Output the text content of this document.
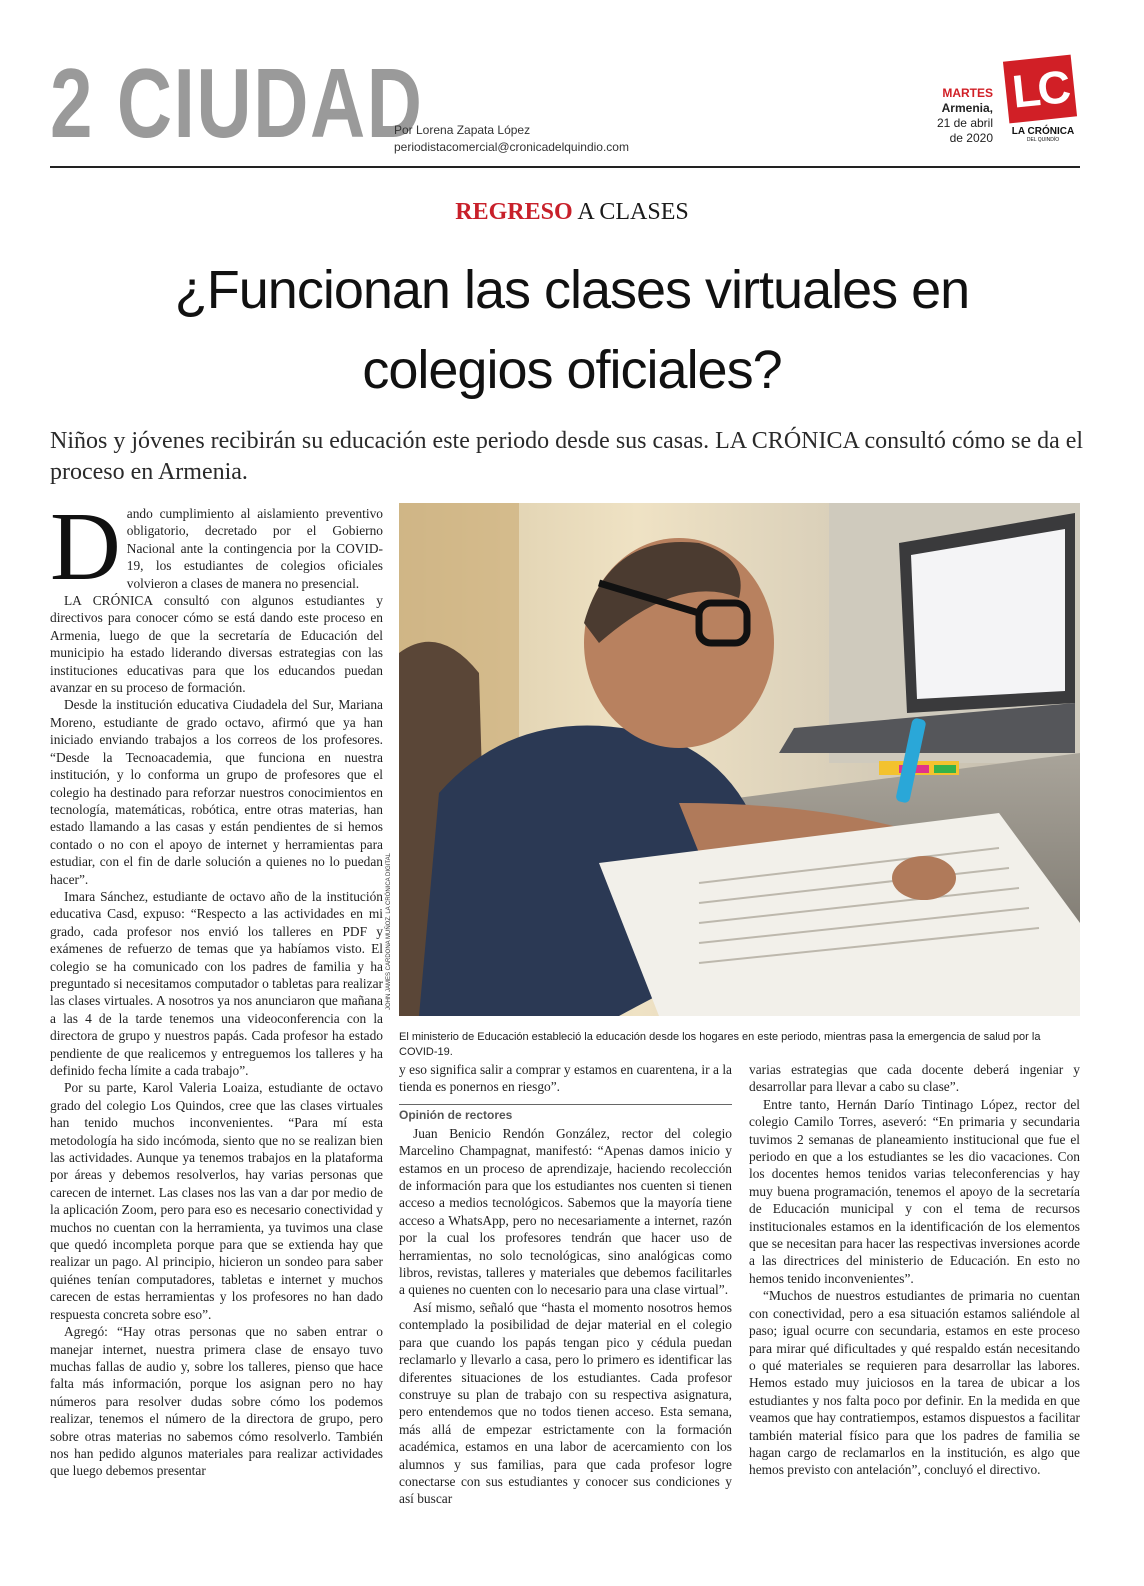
2 CIUDAD
Por Lorena Zapata López
periodistacomercial@cronicadelquindio.com
MARTES
Armenia,
21 de abril
de 2020
LC
LA CRÓNICA
DEL QUINDÍO
REGRESO A CLASES
¿Funcionan las clases virtuales en
colegios oficiales?
Niños y jóvenes recibirán su educación este periodo desde sus casas. LA CRÓNICA consultó cómo se da el proceso en Armenia.

Dando cumplimiento al aislamiento preventivo obligatorio, decretado por el Gobierno Nacional ante la contingencia por la COVID-19, los estudiantes de colegios oficiales volvieron a clases de manera no presencial.

LA CRÓNICA consultó con algunos estudiantes y directivos para conocer cómo se está dando este proceso en Armenia, luego de que la secretaría de Educación del municipio ha estado liderando diversas estrategias con las instituciones educativas para que los educandos puedan avanzar en su proceso de formación.

Desde la institución educativa Ciudadela del Sur, Mariana Moreno, estudiante de grado octavo, afirmó que ya han iniciado enviando trabajos a los correos de los profesores. “Desde la Tecnoacademia, que funciona en nuestra institución, y lo conforma un grupo de profesores que el colegio ha destinado para reforzar nuestros conocimientos en tecnología, matemáticas, robótica, entre otras materias, han estado llamando a las casas y están pendientes de si hemos contado o no con el apoyo de internet y herramientas para estudiar, con el fin de darle solución a quienes no lo puedan hacer”.

Imara Sánchez, estudiante de octavo año de la institución educativa Casd, expuso: “Respecto a las actividades en mi grado, cada profesor nos envió los talleres en PDF y exámenes de refuerzo de temas que ya habíamos visto. El colegio se ha comunicado con los padres de familia y ha preguntado si necesitamos computador o tabletas para realizar las clases virtuales. A nosotros ya nos anunciaron que mañana a las 4 de la tarde tenemos una videoconferencia con la directora de grupo y nuestros papás. Cada profesor ha estado pendiente de que realicemos y entreguemos los talleres y ha definido fecha límite a cada trabajo”.

Por su parte, Karol Valeria Loaiza, estudiante de octavo grado del colegio Los Quindos, cree que las clases virtuales han tenido muchos inconvenientes. “Para mí esta metodología ha sido incómoda, siento que no se realizan bien las actividades. Aunque ya tenemos trabajos en la plataforma por áreas y debemos resolverlos, hay varias personas que carecen de internet. Las clases nos las van a dar por medio de la aplicación Zoom, pero para eso es necesario conectividad y muchos no cuentan con la herramienta, ya tuvimos una clase que quedó incompleta porque para que se extienda hay que realizar un pago. Al principio, hicieron un sondeo para saber quiénes tenían computadores, tabletas e internet y muchos carecen de estas herramientas y los profesores no han dado respuesta concreta sobre eso”.

Agregó: “Hay otras personas que no saben entrar o manejar internet, nuestra primera clase de ensayo tuvo muchas fallas de audio y, sobre los talleres, pienso que hace falta más información, porque los asignan pero no hay números para resolver dudas sobre cómo los podemos realizar, tenemos el número de la directora de grupo, pero sobre otras materias no sabemos cómo resolverlo. También nos han pedido algunos materiales para realizar actividades que luego debemos presentar

JOHN JAMES CARDONA MUÑOZ. LA CRÓNICA DIGITAL
El ministerio de Educación estableció la educación desde los hogares en este periodo, mientras pasa la emergencia de salud por la COVID-19.

y eso significa salir a comprar y estamos en cuarentena, ir a la tienda es ponernos en riesgo”.

Opinión de rectores

Juan Benicio Rendón González, rector del colegio Marcelino Champagnat, manifestó: “Apenas damos inicio y estamos en un proceso de aprendizaje, haciendo recolección de información para que los estudiantes nos cuenten si tienen acceso a medios tecnológicos. Sabemos que la mayoría tiene acceso a WhatsApp, pero no necesariamente a internet, razón por la cual los profesores tendrán que hacer uso de herramientas, no solo tecnológicas, sino analógicas como libros, revistas, talleres y materiales que debemos facilitarles a quienes no cuenten con lo necesario para una clase virtual”.

Así mismo, señaló que “hasta el momento nosotros hemos contemplado la posibilidad de dejar material en el colegio para que cuando los papás tengan pico y cédula puedan reclamarlo y llevarlo a casa, pero lo primero es identificar las diferentes situaciones de los estudiantes. Cada profesor construye su plan de trabajo con su respectiva asignatura, pero entendemos que no todos tienen acceso. Esta semana, más allá de empezar estrictamente con la formación académica, estamos en una labor de acercamiento con los alumnos y sus familias, para que cada profesor logre conectarse con sus estudiantes y conocer sus condiciones y así buscar

varias estrategias que cada docente deberá ingeniar y desarrollar para llevar a cabo su clase”.

Entre tanto, Hernán Darío Tintinago López, rector del colegio Camilo Torres, aseveró: “En primaria y secundaria tuvimos 2 semanas de planeamiento institucional que fue el periodo en que a los estudiantes se les dio vacaciones. Con los docentes hemos tenidos varias teleconferencias y hay muy buena programación, tenemos el apoyo de la secretaría de Educación municipal y con el tema de recursos institucionales estamos en la identificación de los elementos que se necesitan para hacer las respectivas inversiones acorde a las directrices del ministerio de Educación. En esto no hemos tenido inconvenientes”.

“Muchos de nuestros estudiantes de primaria no cuentan con conectividad, pero a esa situación estamos saliéndole al paso; igual ocurre con secundaria, estamos en este proceso para mirar qué dificultades y qué respaldo están necesitando o qué materiales se requieren para desarrollar las labores. Hemos estado muy juiciosos en la tarea de ubicar a los estudiantes y nos falta poco por definir. En la medida en que veamos que hay contratiempos, estamos dispuestos a facilitar también material físico para que los padres de familia se hagan cargo de reclamarlos en la institución, es algo que hemos previsto con antelación”, concluyó el directivo.
